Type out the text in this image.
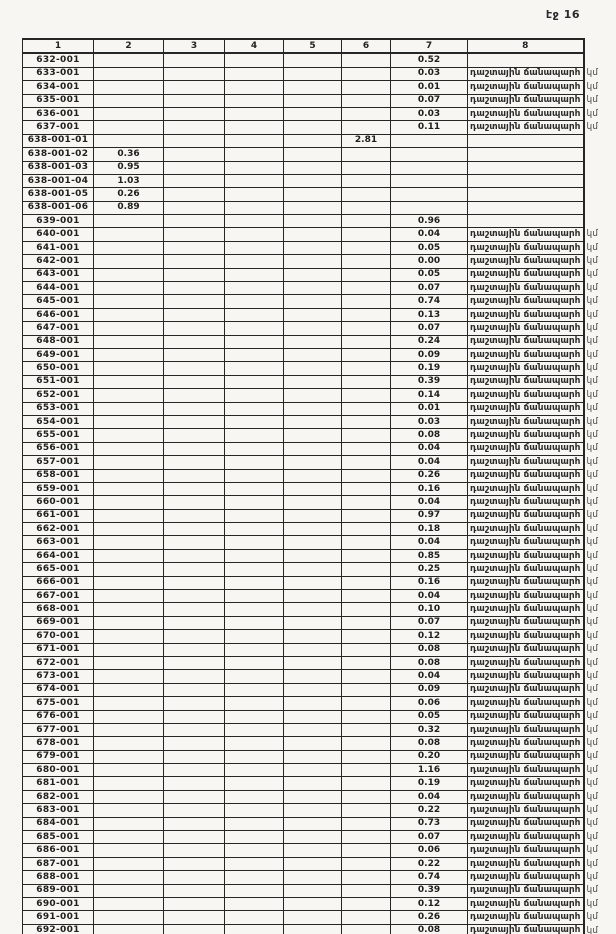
էջ 16
1	2	3	4	5	6	7	8	
632-001						0.52		
633-001						0.03	դաշտային ճանապարհ	կմ
634-001						0.01	դաշտային ճանապարհ	կմ
635-001						0.07	դաշտային ճանապարհ	կմ
636-001						0.03	դաշտային ճանապարհ	կմ
637-001						0.11	դաշտային ճանապարհ	կմ
638-001-01					2.81			
638-001-02	0.36							
638-001-03	0.95							
638-001-04	1.03							
638-001-05	0.26							
638-001-06	0.89							
639-001						0.96		
640-001						0.04	դաշտային ճանապարհ	կմ
641-001						0.05	դաշտային ճանապարհ	կմ
642-001						0.00	դաշտային ճանապարհ	կմ
643-001						0.05	դաշտային ճանապարհ	կմ
644-001						0.07	դաշտային ճանապարհ	կմ
645-001						0.74	դաշտային ճանապարհ	կմ
646-001						0.13	դաշտային ճանապարհ	կմ
647-001						0.07	դաշտային ճանապարհ	կմ
648-001						0.24	դաշտային ճանապարհ	կմ
649-001						0.09	դաշտային ճանապարհ	կմ
650-001						0.19	դաշտային ճանապարհ	կմ
651-001						0.39	դաշտային ճանապարհ	կմ
652-001						0.14	դաշտային ճանապարհ	կմ
653-001						0.01	դաշտային ճանապարհ	կմ
654-001						0.03	դաշտային ճանապարհ	կմ
655-001						0.08	դաշտային ճանապարհ	կմ
656-001						0.04	դաշտային ճանապարհ	կմ
657-001						0.04	դաշտային ճանապարհ	կմ
658-001						0.26	դաշտային ճանապարհ	կմ
659-001						0.16	դաշտային ճանապարհ	կմ
660-001						0.04	դաշտային ճանապարհ	կմ
661-001						0.97	դաշտային ճանապարհ	կմ
662-001						0.18	դաշտային ճանապարհ	կմ
663-001						0.04	դաշտային ճանապարհ	կմ
664-001						0.85	դաշտային ճանապարհ	կմ
665-001						0.25	դաշտային ճանապարհ	կմ
666-001						0.16	դաշտային ճանապարհ	կմ
667-001						0.04	դաշտային ճանապարհ	կմ
668-001						0.10	դաշտային ճանապարհ	կմ
669-001						0.07	դաշտային ճանապարհ	կմ
670-001						0.12	դաշտային ճանապարհ	կմ
671-001						0.08	դաշտային ճանապարհ	կմ
672-001						0.08	դաշտային ճանապարհ	կմ
673-001						0.04	դաշտային ճանապարհ	կմ
674-001						0.09	դաշտային ճանապարհ	կմ
675-001						0.06	դաշտային ճանապարհ	կմ
676-001						0.05	դաշտային ճանապարհ	կմ
677-001						0.32	դաշտային ճանապարհ	կմ
678-001						0.08	դաշտային ճանապարհ	կմ
679-001						0.20	դաշտային ճանապարհ	կմ
680-001						1.16	դաշտային ճանապարհ	կմ
681-001						0.19	դաշտային ճանապարհ	կմ
682-001						0.04	դաշտային ճանապարհ	կմ
683-001						0.22	դաշտային ճանապարհ	կմ
684-001						0.73	դաշտային ճանապարհ	կմ
685-001						0.07	դաշտային ճանապարհ	կմ
686-001						0.06	դաշտային ճանապարհ	կմ
687-001						0.22	դաշտային ճանապարհ	կմ
688-001						0.74	դաշտային ճանապարհ	կմ
689-001						0.39	դաշտային ճանապարհ	կմ
690-001						0.12	դաշտային ճանապարհ	կմ
691-001						0.26	դաշտային ճանապարհ	կմ
692-001						0.08	դաշտային ճանապարհ	կմ
